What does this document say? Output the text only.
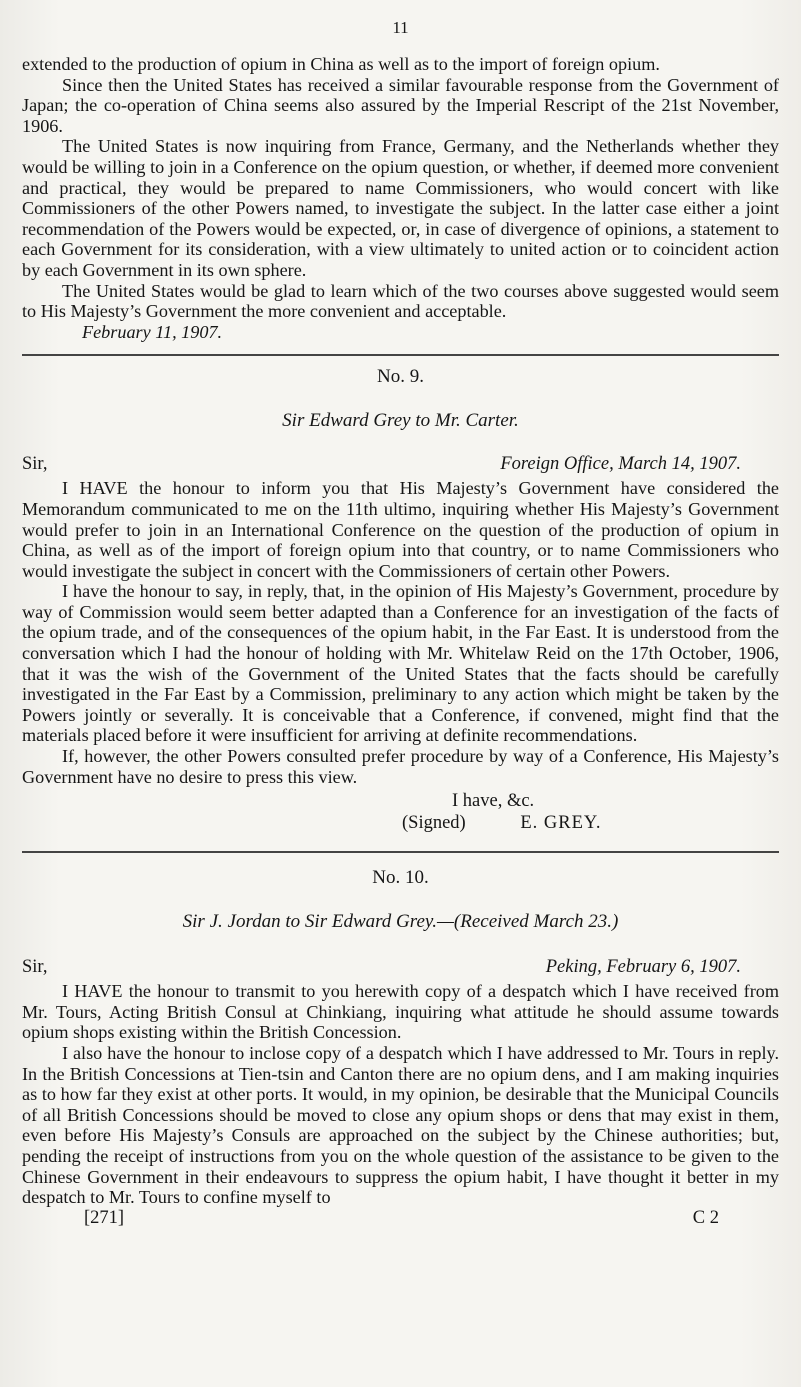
11

extended to the production of opium in China as well as to the import of foreign opium.

Since then the United States has received a similar favourable response from the Government of Japan; the co-operation of China seems also assured by the Imperial Rescript of the 21st November, 1906.

The United States is now inquiring from France, Germany, and the Netherlands whether they would be willing to join in a Conference on the opium question, or whether, if deemed more convenient and practical, they would be prepared to name Commissioners, who would concert with like Commissioners of the other Powers named, to investigate the subject. In the latter case either a joint recommendation of the Powers would be expected, or, in case of divergence of opinions, a statement to each Government for its consideration, with a view ultimately to united action or to coincident action by each Government in its own sphere.

The United States would be glad to learn which of the two courses above suggested would seem to His Majesty’s Government the more convenient and acceptable.

February 11, 1907.

No. 9.
Sir Edward Grey to Mr. Carter.
Sir,	Foreign Office, March 14, 1907.

I HAVE the honour to inform you that His Majesty’s Government have considered the Memorandum communicated to me on the 11th ultimo, inquiring whether His Majesty’s Government would prefer to join in an International Conference on the question of the production of opium in China, as well as of the import of foreign opium into that country, or to name Commissioners who would investigate the subject in concert with the Commissioners of certain other Powers.

I have the honour to say, in reply, that, in the opinion of His Majesty’s Government, procedure by way of Commission would seem better adapted than a Conference for an investigation of the facts of the opium trade, and of the consequences of the opium habit, in the Far East. It is understood from the conversation which I had the honour of holding with Mr. Whitelaw Reid on the 17th October, 1906, that it was the wish of the Government of the United States that the facts should be carefully investigated in the Far East by a Commission, preliminary to any action which might be taken by the Powers jointly or severally. It is conceivable that a Conference, if convened, might find that the materials placed before it were insufficient for arriving at definite recommendations.

If, however, the other Powers consulted prefer procedure by way of a Conference, His Majesty’s Government have no desire to press this view.

I have, &c.
(Signed)	E. GREY.
No. 10.
Sir J. Jordan to Sir Edward Grey.—(Received March 23.)
Sir,	Peking, February 6, 1907.

I HAVE the honour to transmit to you herewith copy of a despatch which I have received from Mr. Tours, Acting British Consul at Chinkiang, inquiring what attitude he should assume towards opium shops existing within the British Concession.

I also have the honour to inclose copy of a despatch which I have addressed to Mr. Tours in reply. In the British Concessions at Tien-tsin and Canton there are no opium dens, and I am making inquiries as to how far they exist at other ports. It would, in my opinion, be desirable that the Municipal Councils of all British Concessions should be moved to close any opium shops or dens that may exist in them, even before His Majesty’s Consuls are approached on the subject by the Chinese authorities; but, pending the receipt of instructions from you on the whole question of the assistance to be given to the Chinese Government in their endeavours to suppress the opium habit, I have thought it better in my despatch to Mr. Tours to confine myself to

[271]	C 2
